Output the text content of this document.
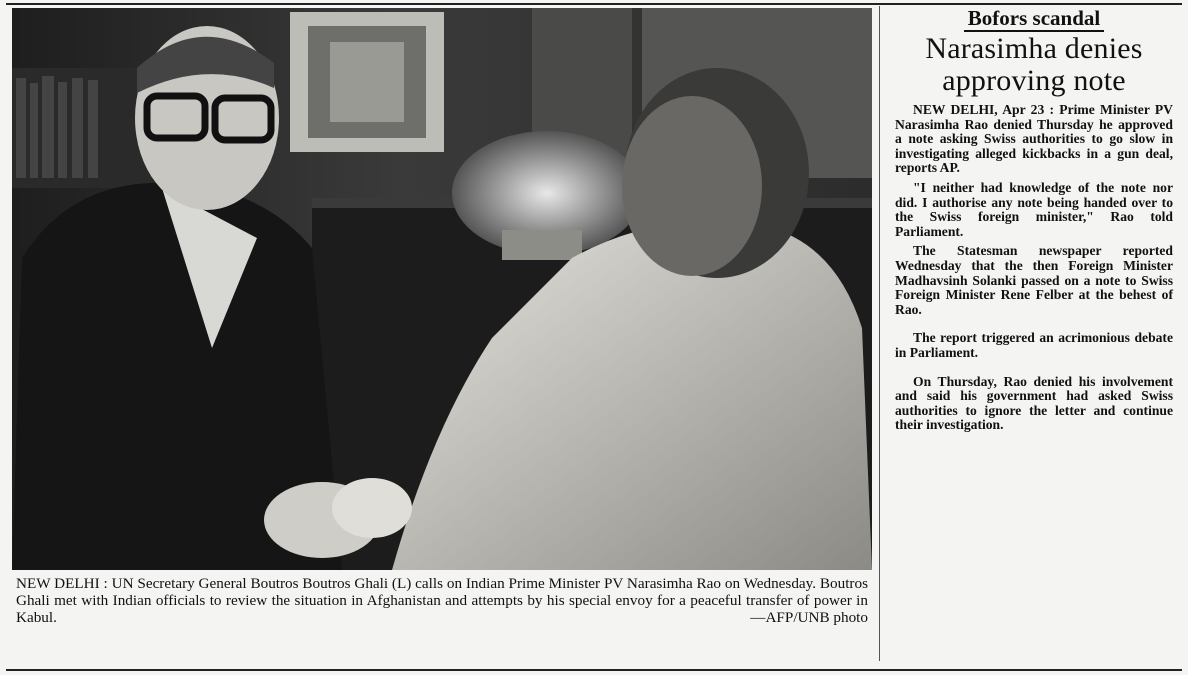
NEW DELHI : UN Secretary General Boutros Boutros Ghali (L) calls on Indian Prime Minister PV Narasimha Rao on Wednesday. Boutros Ghali met with Indian officials to review the situation in Afghanistan and attempts by his special envoy for a peaceful transfer of power in Kabul.	—AFP/UNB photo

Bofors scandal

Narasimha denies approving note

NEW DELHI, Apr 23 : Prime Minister PV Narasimha Rao denied Thursday he approved a note asking Swiss authorities to go slow in investigating alleged kickbacks in a gun deal, reports AP.

"I neither had knowledge of the note nor did. I authorise any note being handed over to the Swiss foreign minister," Rao told Parliament.

The Statesman newspaper reported Wednesday that the then Foreign Minister Madhavsinh Solanki passed on a note to Swiss Foreign Minister Rene Felber at the behest of Rao.

The report triggered an acrimonious debate in Parliament.

On Thursday, Rao denied his involvement and said his government had asked Swiss authorities to ignore the letter and continue their investigation.
